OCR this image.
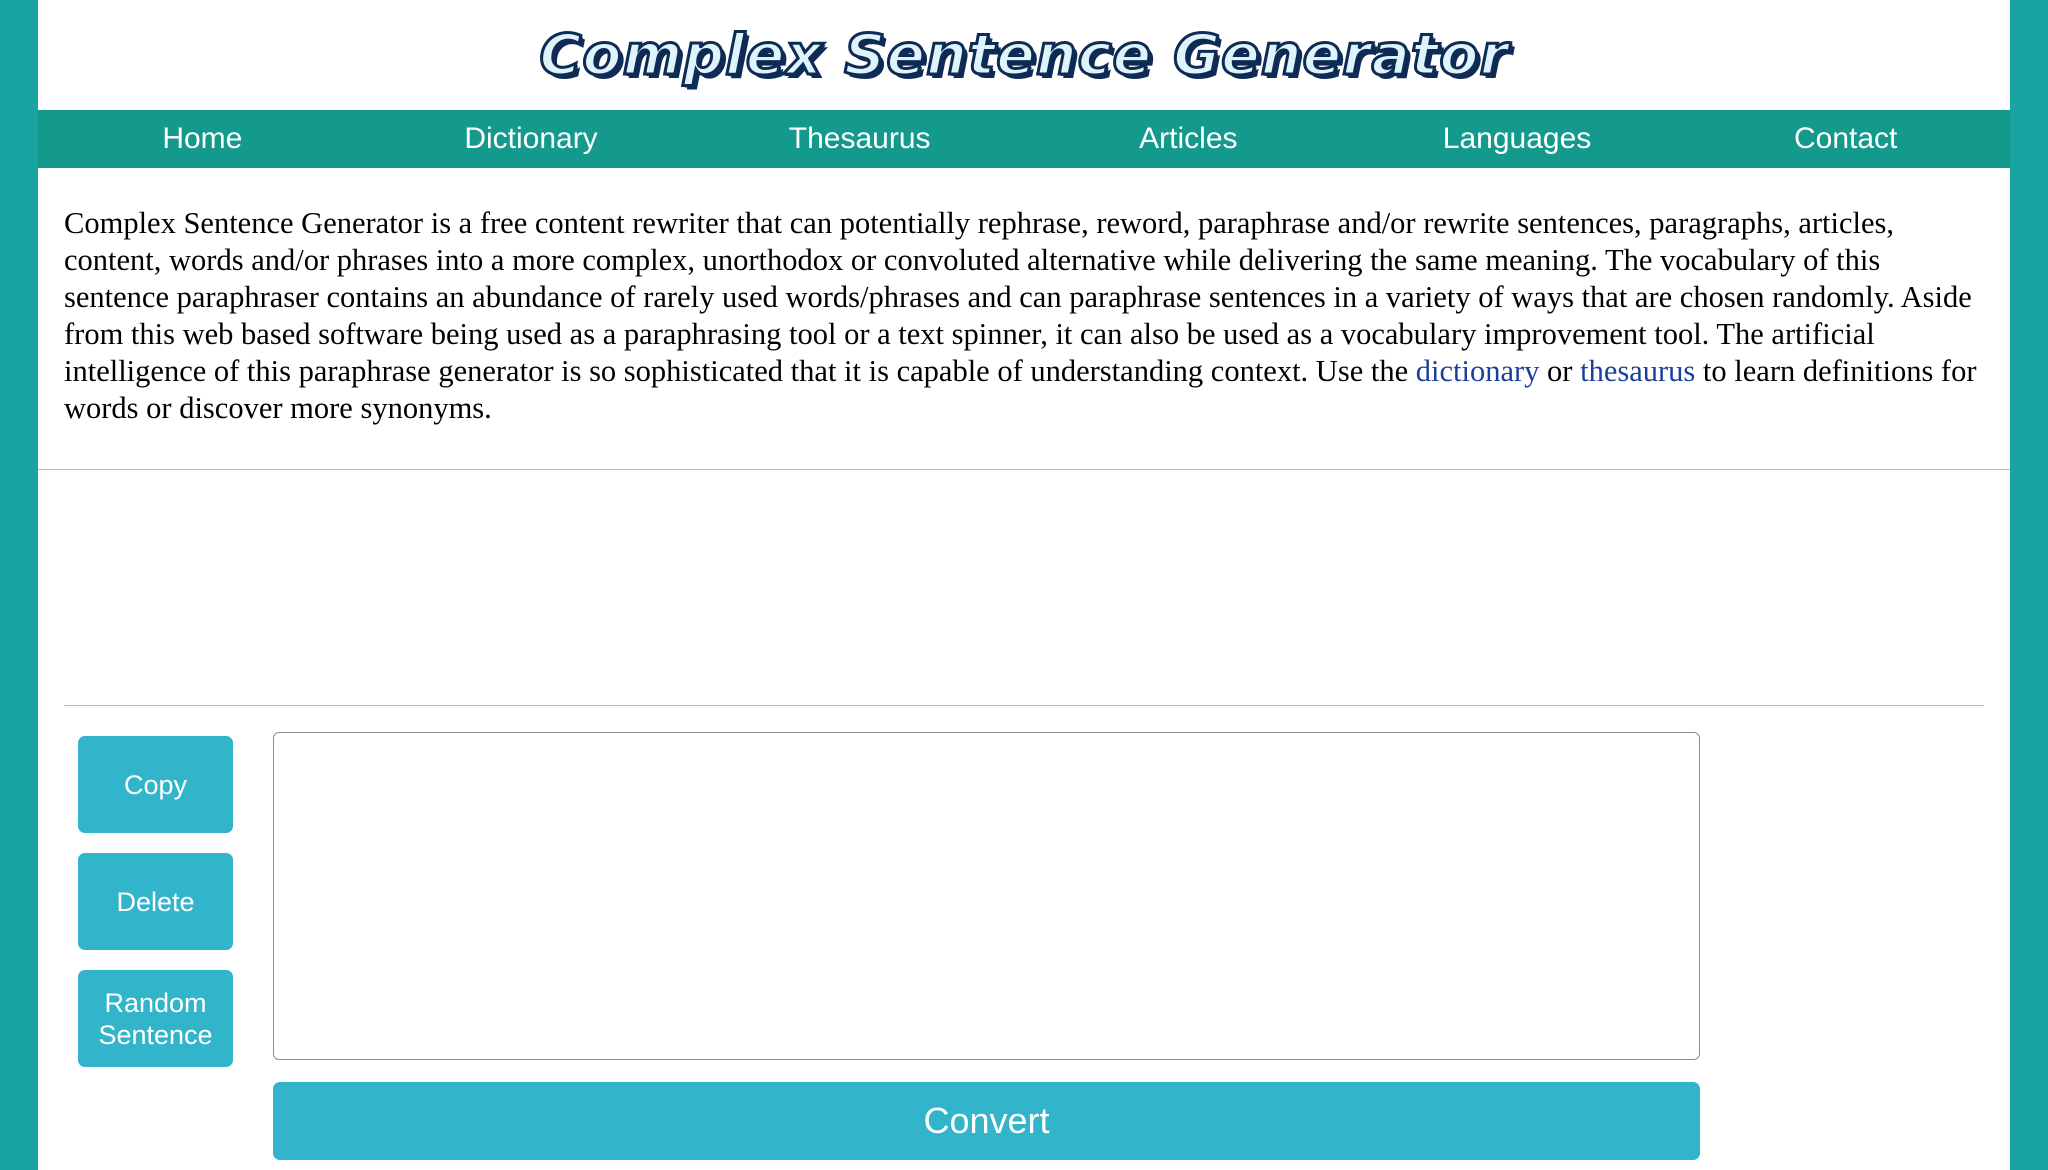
Complex Sentence Generator
Home	Dictionary	Thesaurus	Articles	Languages	Contact

Complex Sentence Generator is a free content rewriter that can potentially rephrase, reword, paraphrase and/or rewrite sentences, paragraphs, articles, content, words and/or phrases into a more complex, unorthodox or convoluted alternative while delivering the same meaning. The vocabulary of this sentence paraphraser contains an abundance of rarely used words/phrases and can paraphrase sentences in a variety of ways that are chosen randomly. Aside from this web based software being used as a paraphrasing tool or a text spinner, it can also be used as a vocabulary improvement tool. The artificial intelligence of this paraphrase generator is so sophisticated that it is capable of understanding context. Use the dictionary or thesaurus to learn definitions for words or discover more synonyms.

Copy
Delete
Random
Sentence
Convert
